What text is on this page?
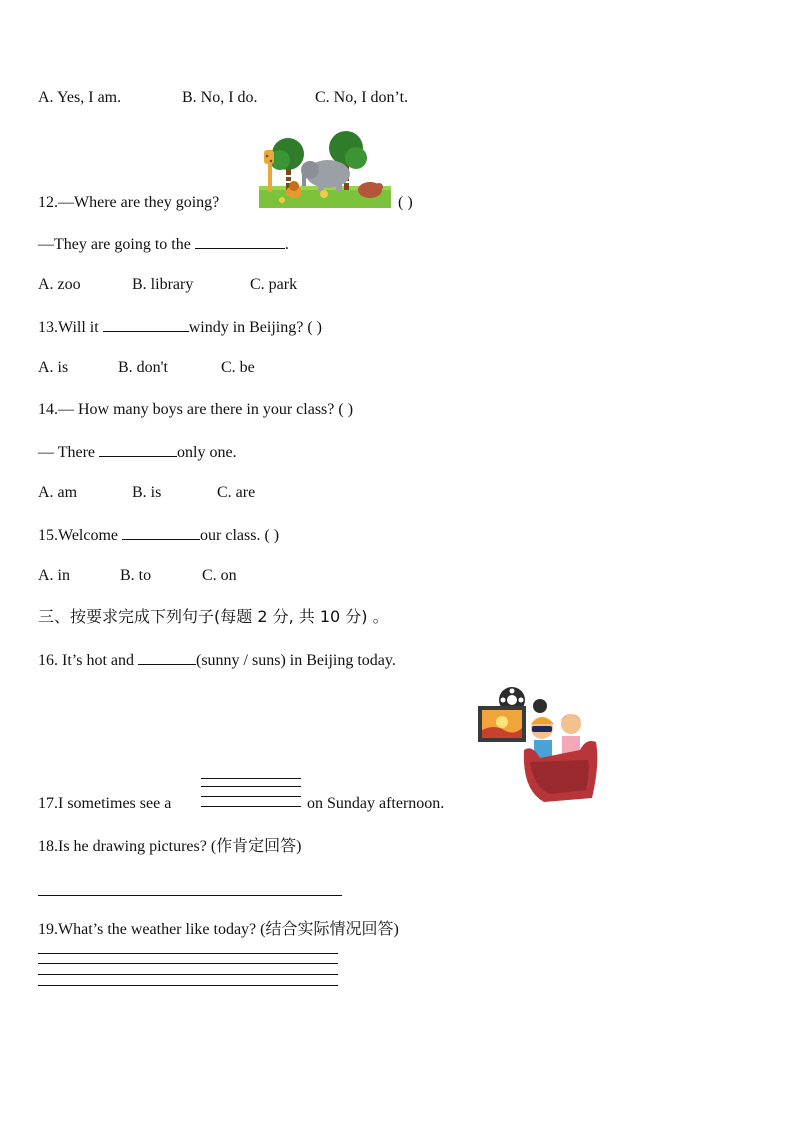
A. Yes, I am.	B. No, I do.	C. No, I don’t.
12.—Where are they going?	( )
—They are going to the	.
A. zoo	B. library	C. park
13.Will it	windy in Beijing? ( )
A. is	B. don't	C. be
14.— How many boys are there in your class? ( )
— There	only one.
A. am	B. is	C. are
15.Welcome	our class. ( )
A. in	B. to	C. on
三、按要求完成下列句子(每题 2 分, 共 10 分) 。
16. It’s hot and	(sunny / suns) in Beijing today.
17.I sometimes see a	on Sunday afternoon.
18.Is he drawing pictures? (作肯定回答)
19.What’s the weather like today? (结合实际情况回答)
